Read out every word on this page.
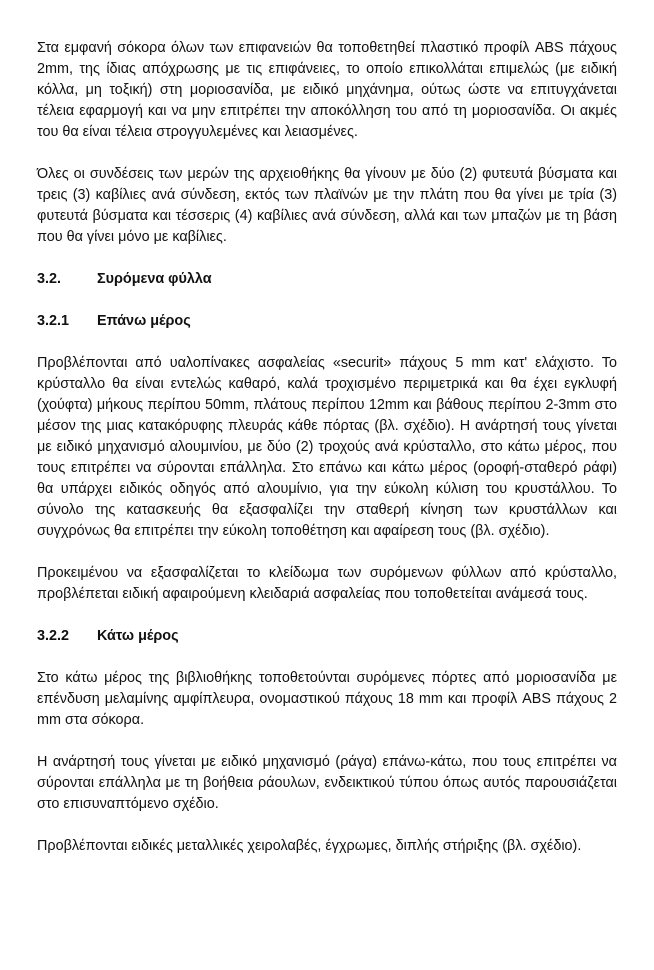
Στα εμφανή σόκορα όλων των επιφανειών θα τοποθετηθεί πλαστικό προφίλ ABS πάχους 2mm, της ίδιας απόχρωσης με τις επιφάνειες, το οποίο επικολλάται επιμελώς (με ειδική κόλλα, μη τοξική) στη μοριοσανίδα, με ειδικό μηχάνημα, ούτως ώστε να επιτυγχάνεται τέλεια εφαρμογή και να μην επιτρέπει την αποκόλληση του από τη μοριοσανίδα. Οι ακμές του θα είναι τέλεια στρογγυλεμένες και λειασμένες.

Όλες οι συνδέσεις των μερών της αρχειοθήκης θα γίνουν με δύο (2) φυτευτά βύσματα και τρεις (3) καβίλιες ανά σύνδεση, εκτός των πλαϊνών με την πλάτη που θα γίνει με τρία (3) φυτευτά βύσματα και τέσσερις (4) καβίλιες ανά σύνδεση, αλλά και των μπαζών με τη βάση που θα γίνει μόνο με καβίλιες.

3.2.	Συρόμενα φύλλα
3.2.1	Επάνω μέρος

Προβλέπονται από υαλοπίνακες ασφαλείας «securit» πάχους 5 mm κατ' ελάχιστο. Το κρύσταλλο θα είναι εντελώς καθαρό, καλά τροχισμένο περιμετρικά και θα έχει εγκλυφή (χούφτα) μήκους περίπου 50mm, πλάτους περίπου 12mm και βάθους περίπου 2-3mm στο μέσον της μιας κατακόρυφης πλευράς κάθε πόρτας (βλ. σχέδιο). Η ανάρτησή τους γίνεται με ειδικό μηχανισμό αλουμινίου, με δύο (2) τροχούς ανά κρύσταλλο, στο κάτω μέρος, που τους επιτρέπει να σύρονται επάλληλα. Στο επάνω και κάτω μέρος (οροφή-σταθερό ράφι) θα υπάρχει ειδικός οδηγός από αλουμίνιο, για την εύκολη κύλιση του κρυστάλλου. Το σύνολο της κατασκευής θα εξασφαλίζει την σταθερή κίνηση των κρυστάλλων και συγχρόνως θα επιτρέπει την εύκολη τοποθέτηση και αφαίρεση τους (βλ. σχέδιο).

Προκειμένου να εξασφαλίζεται το κλείδωμα των συρόμενων φύλλων από κρύσταλλο, προβλέπεται ειδική αφαιρούμενη κλειδαριά ασφαλείας που τοποθετείται ανάμεσά τους.

3.2.2	Κάτω μέρος

Στο κάτω μέρος της βιβλιοθήκης τοποθετούνται συρόμενες πόρτες από μοριοσανίδα με επένδυση μελαμίνης αμφίπλευρα, ονομαστικού πάχους 18 mm και προφίλ ABS πάχους 2 mm στα σόκορα.

Η ανάρτησή τους γίνεται με ειδικό μηχανισμό (ράγα) επάνω-κάτω, που τους επιτρέπει να σύρονται επάλληλα με τη βοήθεια ράουλων, ενδεικτικού τύπου όπως αυτός παρουσιάζεται στο επισυναπτόμενο σχέδιο.

Προβλέπονται ειδικές μεταλλικές χειρολαβές, έγχρωμες, διπλής στήριξης (βλ. σχέδιο).
